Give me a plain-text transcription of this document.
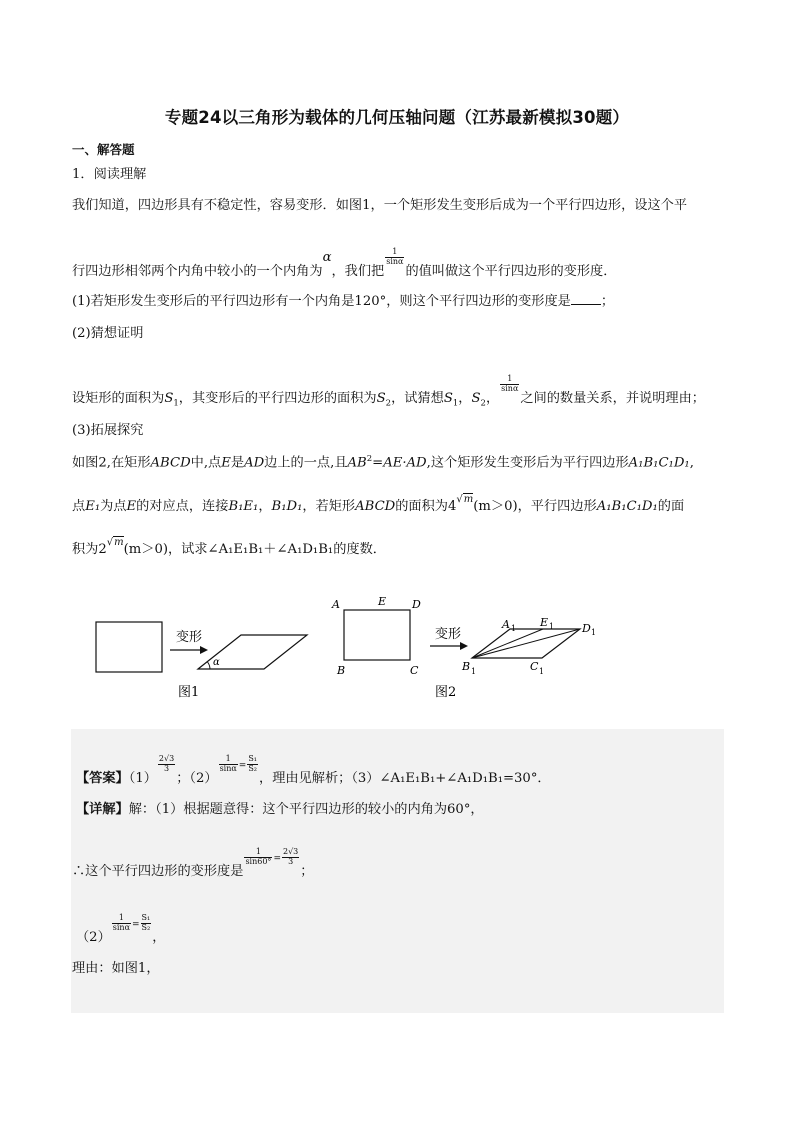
专题24以三角形为载体的几何压轴问题（江苏最新模拟30题）
一、解答题
1．阅读理解
我们知道，四边形具有不稳定性，容易变形．如图1，一个矩形发生变形后成为一个平行四边形，设这个平
行四边形相邻两个内角中较小的一个内角为α，我们把
$\frac{1}{\sin\alpha}$
的值叫做这个平行四边形的变形度．
(1)若矩形发生变形后的平行四边形有一个内角是120°，则这个平行四边形的变形度是 ；
(2)猜想证明
设矩形的面积为$S_1$，其变形后的平行四边形的面积为$S_2$，试猜想$S_1$，$S_2$，
$\frac{1}{\sin\alpha}$
之间的数量关系，并说明理由；
(3)拓展探究
如图2,在矩形ABCD中,点E是AD边上的一点,且$AB^2=AE\cdot AD$,这个矩形发生变形后为平行四边形A₁B₁C₁D₁,
点E₁为点E的对应点，连接B₁E₁，B₁D₁，若矩形ABCD的面积为$4^{√m}(m>0)$，平行四边形A₁B₁C₁D₁的面
积为$2^{√m}(m>0)$，试求∠A₁E₁B₁＋∠A₁D₁B₁的度数．
变形
α
图1
A	E D
B	C
变形
A 1 E 1	D 1
B 1	C 1
图2
【答案】（1）
$\frac{2√3}{3}$
；（2）
$\frac{1}{\sin\alpha} ^= \frac{\text{S₁}}{\text{S₂}}$
，理由见解析；（3）∠A₁E₁B₁+∠A₁D₁B₁=30°．
【详解】解：（1）根据题意得：这个平行四边形的较小的内角为60°，
∴这个平行四边形的变形度是
$\frac{1}{\sin 60^\circ} ^= \frac{2√3}{3}$
；
（2）
$\frac{1}{\sin\alpha} ^= \frac{\text{S₁}}{\text{S₂}}$
，
理由：如图1，
